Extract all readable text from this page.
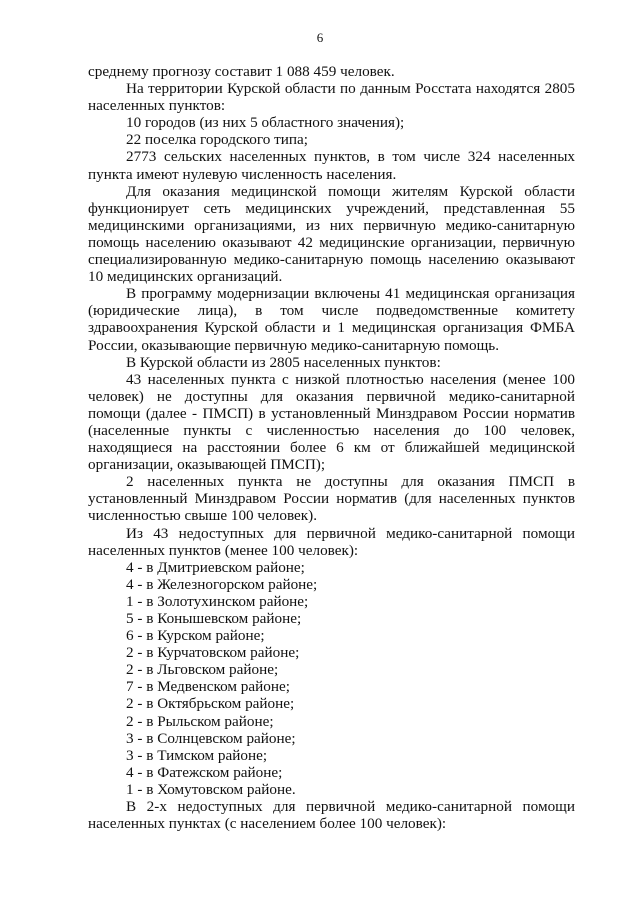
6

среднему прогнозу составит 1 088 459 человек.

На территории Курской области по данным Росстата находятся 2805 населенных пунктов:

10 городов (из них 5 областного значения);

22 поселка городского типа;

2773 сельских населенных пунктов, в том числе 324 населенных пункта имеют нулевую численность населения.

Для оказания медицинской помощи жителям Курской области функционирует сеть медицинских учреждений, представленная 55 медицинскими организациями, из них первичную медико-санитарную помощь населению оказывают 42 медицинские организации, первичную специализированную медико-санитарную помощь населению оказывают 10 медицинских организаций.

В программу модернизации включены 41 медицинская организация (юридические лица), в том числе подведомственные комитету здравоохранения Курской области и 1 медицинская организация ФМБА России, оказывающие первичную медико-санитарную помощь.

В Курской области из 2805 населенных пунктов:

43 населенных пункта с низкой плотностью населения (менее 100 человек) не доступны для оказания первичной медико-санитарной помощи (далее - ПМСП) в установленный Минздравом России норматив (населенные пункты с численностью населения до 100 человек, находящиеся на расстоянии более 6 км от ближайшей медицинской организации, оказывающей ПМСП);

2 населенных пункта не доступны для оказания ПМСП в установленный Минздравом России норматив (для населенных пунктов численностью свыше 100 человек).

Из 43 недоступных для первичной медико-санитарной помощи населенных пунктов (менее 100 человек):

4 - в Дмитриевском районе;

4 - в Железногорском районе;

1 - в Золотухинском районе;

5 - в Конышевском районе;

6 - в Курском районе;

2 - в Курчатовском районе;

2 - в Льговском районе;

7 - в Медвенском районе;

2 - в Октябрьском районе;

2 - в Рыльском районе;

3 - в Солнцевском районе;

3 - в Тимском районе;

4 - в Фатежском районе;

1 - в Хомутовском районе.

В 2-х недоступных для первичной медико-санитарной помощи населенных пунктах (с населением более 100 человек):
